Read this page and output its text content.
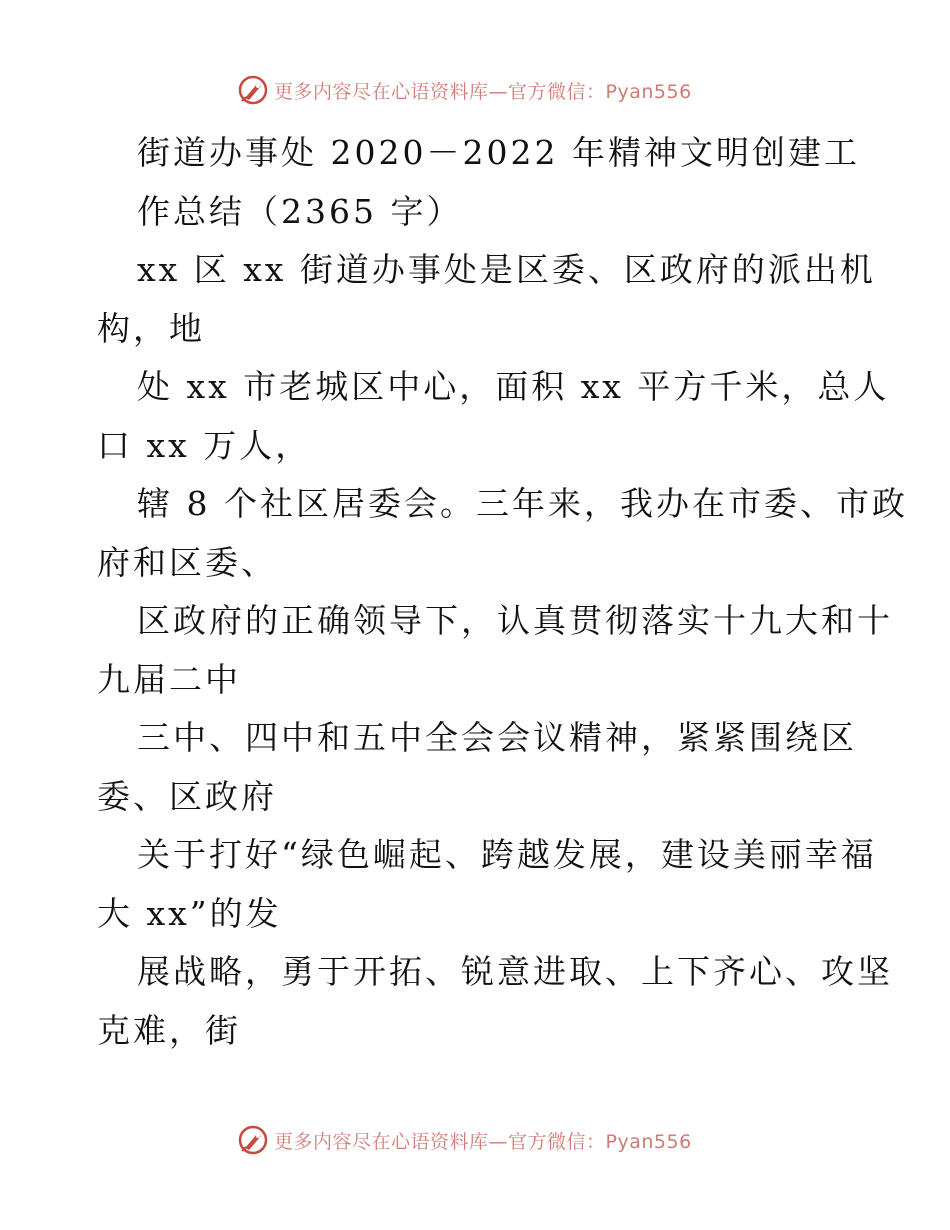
更多内容尽在心语资料库—官方微信：Pyan556
街道办事处 2020－2022 年精神文明创建工
作总结（2365 字）
xx 区 xx 街道办事处是区委、区政府的派出机
构，地
处 xx 市老城区中心，面积 xx 平方千米，总人
口 xx 万人，
辖 8 个社区居委会。三年来，我办在市委、市政
府和区委、
区政府的正确领导下，认真贯彻落实十九大和十
九届二中
三中、四中和五中全会会议精神，紧紧围绕区
委、区政府
关于打好“绿色崛起、跨越发展，建设美丽幸福
大 xx”的发
展战略，勇于开拓、锐意进取、上下齐心、攻坚
克难，街
更多内容尽在心语资料库—官方微信：Pyan556
